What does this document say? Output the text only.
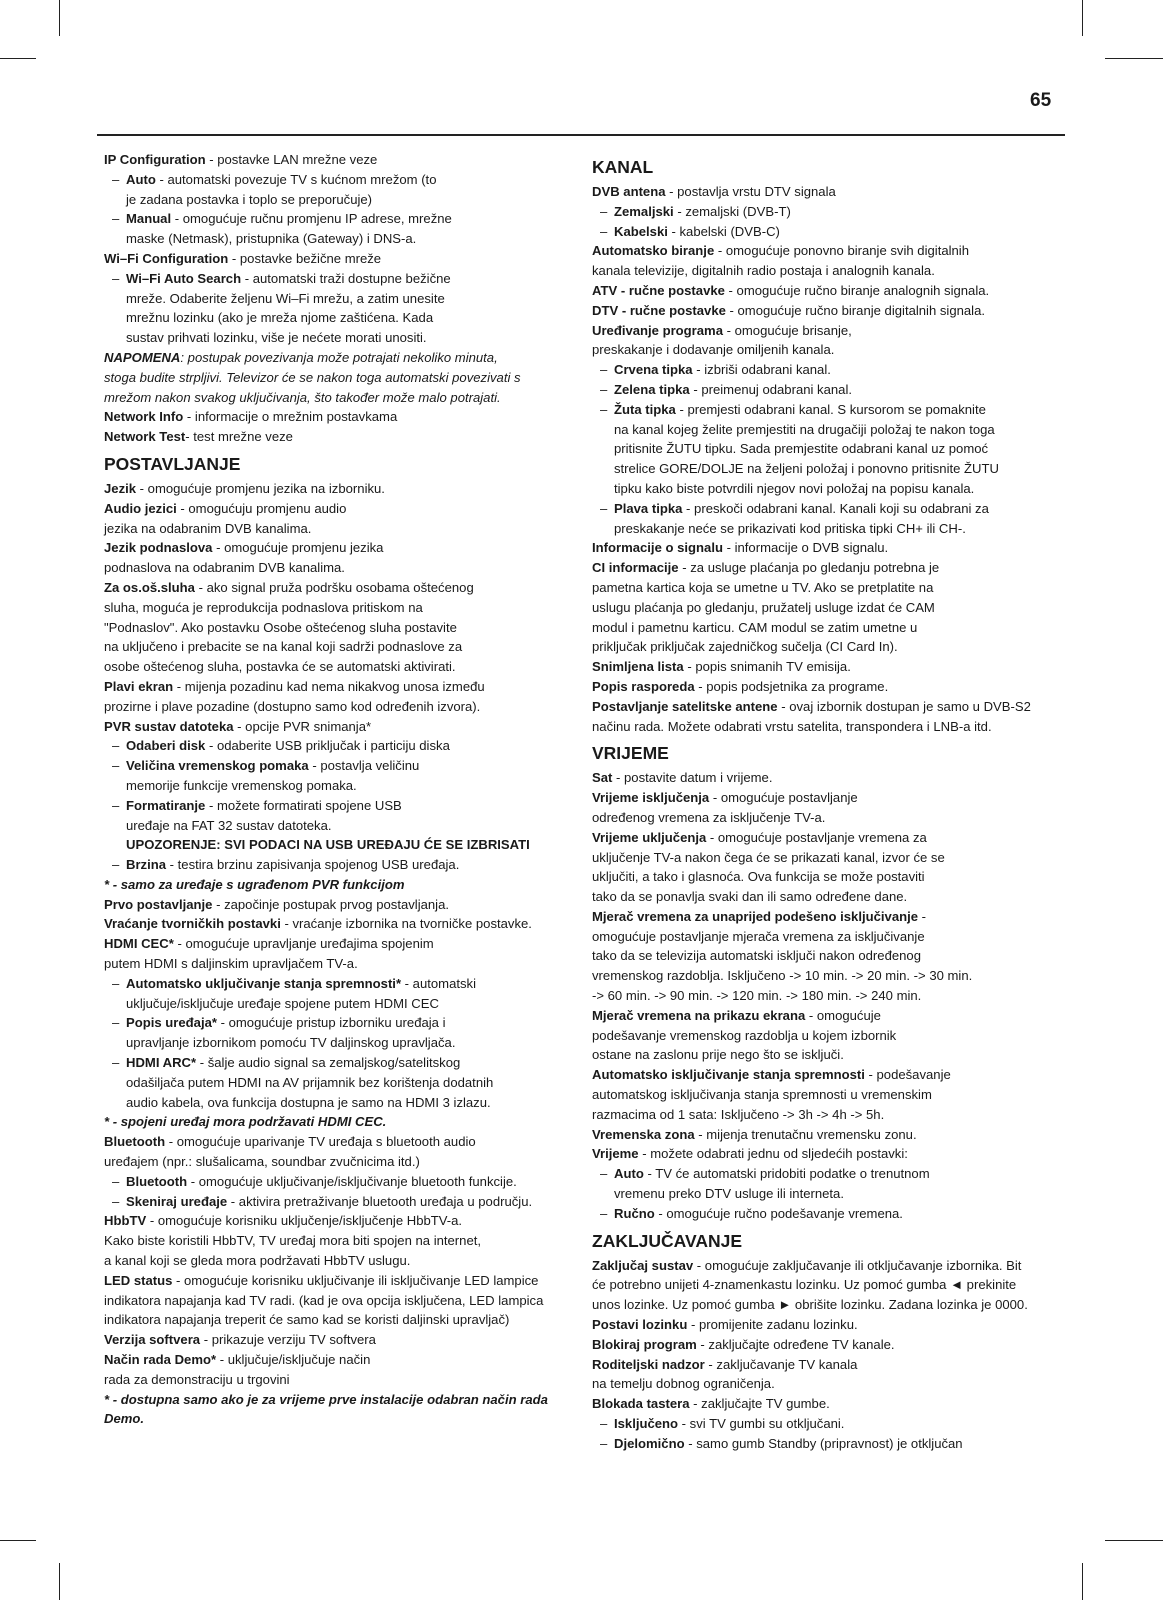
65

IP Configuration - postavke LAN mrežne veze

– Auto - automatski povezuje TV s kućnom mrežom (to

je zadana postavka i toplo se preporučuje)

– Manual - omogućuje ručnu promjenu IP adrese, mrežne

maske (Netmask), pristupnika (Gateway) i DNS-a.

Wi–Fi Configuration - postavke bežične mreže

– Wi–Fi Auto Search - automatski traži dostupne bežične

mreže. Odaberite željenu Wi–Fi mrežu, a zatim unesite

mrežnu lozinku (ako je mreža njome zaštićena. Kada

sustav prihvati lozinku, više je nećete morati unositi.

NAPOMENA: postupak povezivanja može potrajati nekoliko minuta,

stoga budite strpljivi. Televizor će se nakon toga automatski povezivati s

mrežom nakon svakog uključivanja, što također može malo potrajati.

Network Info - informacije o mrežnim postavkama

Network Test- test mrežne veze

POSTAVLJANJE

Jezik - omogućuje promjenu jezika na izborniku.

Audio jezici - omogućuju promjenu audio

jezika na odabranim DVB kanalima.

Jezik podnaslova - omogućuje promjenu jezika

podnaslova na odabranim DVB kanalima.

Za os.oš.sluha - ako signal pruža podršku osobama oštećenog

sluha, moguća je reprodukcija podnaslova pritiskom na

"Podnaslov". Ako postavku Osobe oštećenog sluha postavite

na uključeno i prebacite se na kanal koji sadrži podnaslove za

osobe oštećenog sluha, postavka će se automatski aktivirati.

Plavi ekran - mijenja pozadinu kad nema nikakvog unosa između

prozirne i plave pozadine (dostupno samo kod određenih izvora).

PVR sustav datoteka - opcije PVR snimanja*

– Odaberi disk - odaberite USB priključak i particiju diska

– Veličina vremenskog pomaka - postavlja veličinu

memorije funkcije vremenskog pomaka.

– Formatiranje - možete formatirati spojene USB

uređaje na FAT 32 sustav datoteka.

UPOZORENJE: SVI PODACI NA USB UREĐAJU ĆE SE IZBRISATI

– Brzina - testira brzinu zapisivanja spojenog USB uređaja.

* - samo za uređaje s ugrađenom PVR funkcijom

Prvo postavljanje - započinje postupak prvog postavljanja.

Vraćanje tvorničkih postavki - vraćanje izbornika na tvorničke postavke.

HDMI CEC* - omogućuje upravljanje uređajima spojenim

putem HDMI s daljinskim upravljačem TV-a.

– Automatsko uključivanje stanja spremnosti* - automatski

uključuje/isključuje uređaje spojene putem HDMI CEC

– Popis uređaja* - omogućuje pristup izborniku uređaja i

upravljanje izbornikom pomoću TV daljinskog upravljača.

– HDMI ARC* - šalje audio signal sa zemaljskog/satelitskog

odašiljača putem HDMI na AV prijamnik bez korištenja dodatnih

audio kabela, ova funkcija dostupna je samo na HDMI 3 izlazu.

* - spojeni uređaj mora podržavati HDMI CEC.

Bluetooth - omogućuje uparivanje TV uređaja s bluetooth audio

uređajem (npr.: slušalicama, soundbar zvučnicima itd.)

– Bluetooth - omogućuje uključivanje/isključivanje bluetooth funkcije.

– Skeniraj uređaje - aktivira pretraživanje bluetooth uređaja u području.

HbbTV - omogućuje korisniku uključenje/isključenje HbbTV-a.

Kako biste koristili HbbTV, TV uređaj mora biti spojen na internet,

a kanal koji se gleda mora podržavati HbbTV uslugu.

LED status - omogućuje korisniku uključivanje ili isključivanje LED lampice

indikatora napajanja kad TV radi. (kad je ova opcija isključena, LED lampica

indikatora napajanja treperit će samo kad se koristi daljinski upravljač)

Verzija softvera - prikazuje verziju TV softvera

Način rada Demo* - uključuje/isključuje način

rada za demonstraciju u trgovini

* - dostupna samo ako je za vrijeme prve instalacije odabran način rada

Demo.

KANAL

DVB antena - postavlja vrstu DTV signala

– Zemaljski - zemaljski (DVB-T)

– Kabelski - kabelski (DVB-C)

Automatsko biranje - omogućuje ponovno biranje svih digitalnih

kanala televizije, digitalnih radio postaja i analognih kanala.

ATV - ručne postavke - omogućuje ručno biranje analognih signala.

DTV - ručne postavke - omogućuje ručno biranje digitalnih signala.

Uređivanje programa - omogućuje brisanje,

preskakanje i dodavanje omiljenih kanala.

– Crvena tipka - izbriši odabrani kanal.

– Zelena tipka - preimenuj odabrani kanal.

– Žuta tipka - premjesti odabrani kanal. S kursorom se pomaknite

na kanal kojeg želite premjestiti na drugačiji položaj te nakon toga

pritisnite ŽUTU tipku. Sada premjestite odabrani kanal uz pomoć

strelice GORE/DOLJE na željeni položaj i ponovno pritisnite ŽUTU

tipku kako biste potvrdili njegov novi položaj na popisu kanala.

– Plava tipka - preskoči odabrani kanal. Kanali koji su odabrani za

preskakanje neće se prikazivati kod pritiska tipki CH+ ili CH-.

Informacije o signalu - informacije o DVB signalu.

CI informacije - za usluge plaćanja po gledanju potrebna je

pametna kartica koja se umetne u TV. Ako se pretplatite na

uslugu plaćanja po gledanju, pružatelj usluge izdat će CAM

modul i pametnu karticu. CAM modul se zatim umetne u

priključak priključak zajedničkog sučelja (CI Card In).

Snimljena lista - popis snimanih TV emisija.

Popis rasporeda - popis podsjetnika za programe.

Postavljanje satelitske antene - ovaj izbornik dostupan je samo u DVB-S2

načinu rada. Možete odabrati vrstu satelita, transpondera i LNB-a itd.

VRIJEME

Sat - postavite datum i vrijeme.

Vrijeme isključenja - omogućuje postavljanje

određenog vremena za isključenje TV-a.

Vrijeme uključenja - omogućuje postavljanje vremena za

uključenje TV-a nakon čega će se prikazati kanal, izvor će se

uključiti, a tako i glasnoća. Ova funkcija se može postaviti

tako da se ponavlja svaki dan ili samo određene dane.

Mjerač vremena za unaprijed podešeno isključivanje -

omogućuje postavljanje mjerača vremena za isključivanje

tako da se televizija automatski isključi nakon određenog

vremenskog razdoblja. Isključeno -> 10 min. -> 20 min. -> 30 min.

-> 60 min. -> 90 min. -> 120 min. -> 180 min. -> 240 min.

Mjerač vremena na prikazu ekrana - omogućuje

podešavanje vremenskog razdoblja u kojem izbornik

ostane na zaslonu prije nego što se isključi.

Automatsko isključivanje stanja spremnosti - podešavanje

automatskog isključivanja stanja spremnosti u vremenskim

razmacima od 1 sata: Isključeno -> 3h -> 4h -> 5h.

Vremenska zona - mijenja trenutačnu vremensku zonu.

Vrijeme - možete odabrati jednu od sljedećih postavki:

– Auto - TV će automatski pridobiti podatke o trenutnom

vremenu preko DTV usluge ili interneta.

– Ručno - omogućuje ručno podešavanje vremena.

ZAKLJUČAVANJE

Zaključaj sustav - omogućuje zaključavanje ili otključavanje izbornika. Bit

će potrebno unijeti 4-znamenkastu lozinku. Uz pomoć gumba ◄ prekinite

unos lozinke. Uz pomoć gumba ► obrišite lozinku. Zadana lozinka je 0000.

Postavi lozinku - promijenite zadanu lozinku.

Blokiraj program - zaključajte određene TV kanale.

Roditeljski nadzor - zaključavanje TV kanala

na temelju dobnog ograničenja.

Blokada tastera - zaključajte TV gumbe.

– Isključeno - svi TV gumbi su otključani.

– Djelomično - samo gumb Standby (pripravnost) je otključan
